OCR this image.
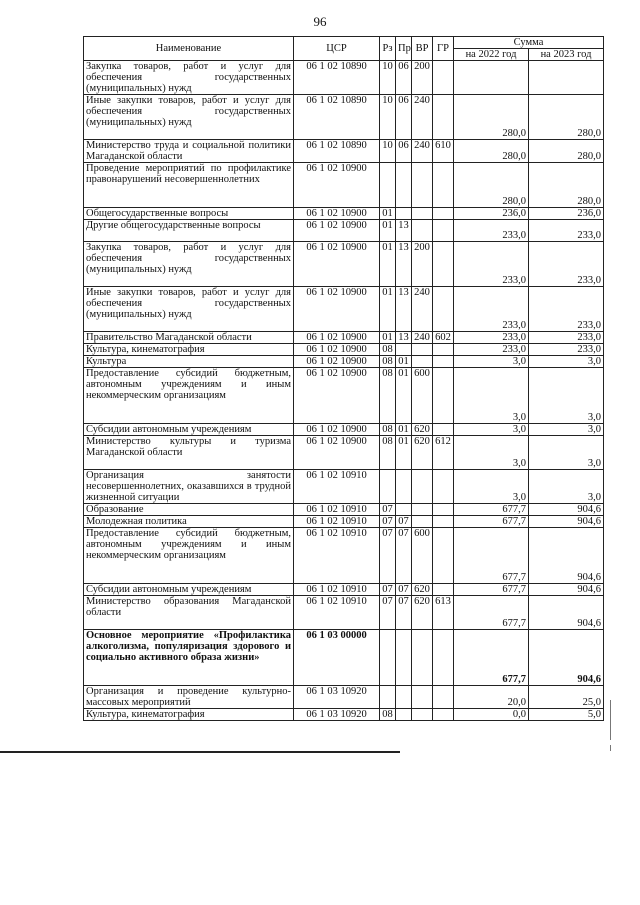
96
Наименование	ЦСР	Рз	Пр	ВР	ГР	Сумма	
						на 2022 год	на 2023 год
Закупка товаров, работ и услуг для обеспечения государственных (муниципальных) нужд	06 1 02 10890	10	06	200			
Иные закупки товаров, работ и услуг для обеспечения государственных (муниципальных) нужд	06 1 02 10890	10	06	240		280,0	280,0
Министерство труда и социальной политики Магаданской области	06 1 02 10890	10	06	240	610	280,0	280,0
Проведение мероприятий по профилактике правонарушений несовершеннолетних	06 1 02 10900					280,0	280,0
Общегосударственные вопросы	06 1 02 10900	01				236,0	236,0
Другие общегосударственные вопросы	06 1 02 10900	01	13			233,0	233,0
Закупка товаров, работ и услуг для обеспечения государственных (муниципальных) нужд	06 1 02 10900	01	13	200		233,0	233,0
Иные закупки товаров, работ и услуг для обеспечения государственных (муниципальных) нужд	06 1 02 10900	01	13	240		233,0	233,0
Правительство Магаданской области	06 1 02 10900	01	13	240	602	233,0	233,0
Культура, кинематография	06 1 02 10900	08				233,0	233,0
Культура	06 1 02 10900	08	01			3,0	3,0
Предоставление субсидий бюджетным, автономным учреждениям и иным некоммерческим организациям	06 1 02 10900	08	01	600		3,0	3,0
Субсидии автономным учреждениям	06 1 02 10900	08	01	620		3,0	3,0
Министерство культуры и туризма Магаданской области	06 1 02 10900	08	01	620	612	3,0	3,0
Организация занятости несовершеннолетних, оказавшихся в трудной жизненной ситуации	06 1 02 10910					3,0	3,0
Образование	06 1 02 10910	07				677,7	904,6
Молодежная политика	06 1 02 10910	07	07			677,7	904,6
Предоставление субсидий бюджетным, автономным учреждениям и иным некоммерческим организациям	06 1 02 10910	07	07	600		677,7	904,6
Субсидии автономным учреждениям	06 1 02 10910	07	07	620		677,7	904,6
Министерство образования Магаданской области	06 1 02 10910	07	07	620	613	677,7	904,6
Основное мероприятие «Профилактика алкоголизма, популяризация здорового и социально активного образа жизни»	06 1 03 00000					677,7	904,6
Организация и проведение культурно-массовых мероприятий	06 1 03 10920					20,0	25,0
Культура, кинематография	06 1 03 10920	08				0,0	5,0
